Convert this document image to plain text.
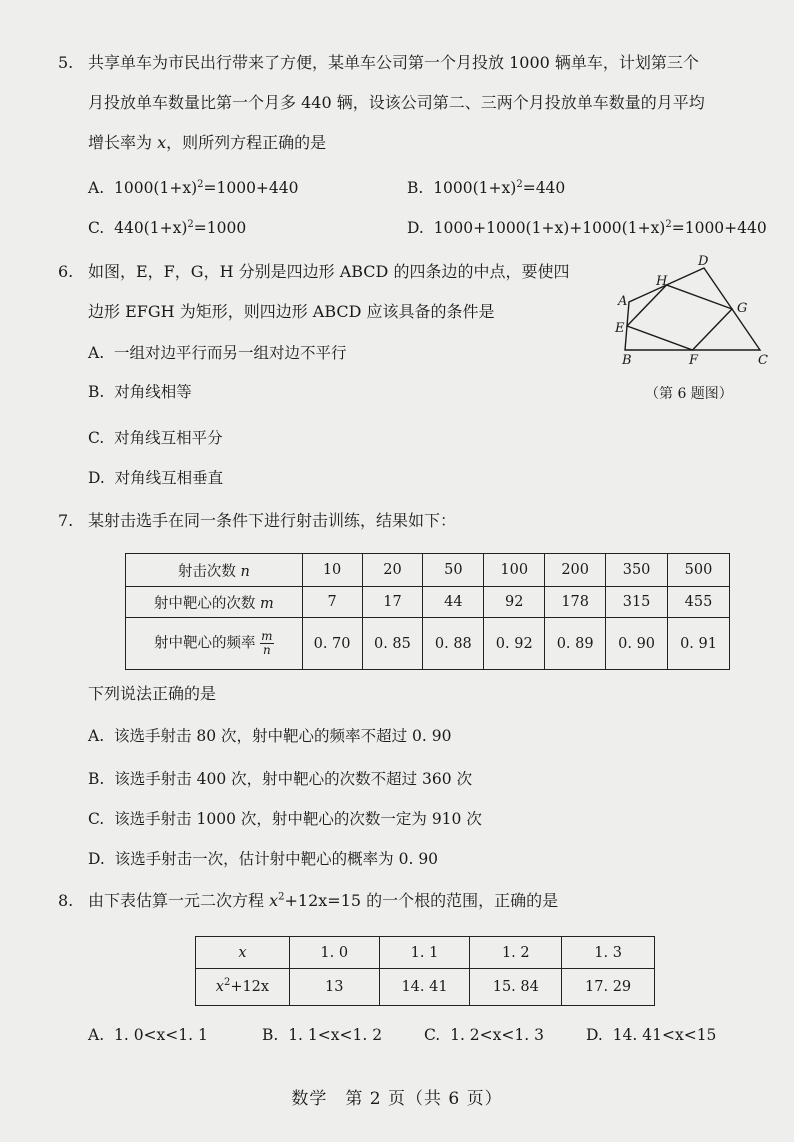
5. 共享单车为市民出行带来了方便，某单车公司第一个月投放 1000 辆单车，计划第三个
月投放单车数量比第一个月多 440 辆，设该公司第二、三两个月投放单车数量的月平均
增长率为 x，则所列方程正确的是
A. $1000(1+x)^2=1000+440$	B. $1000(1+x)^2=440$
C. $440(1+x)^2=1000$	D. $1000+1000(1+x)+1000(1+x)^2=1000+440$
6. 如图，E，F，G，H 分别是四边形 ABCD 的四条边的中点，要使四
边形 EFGH 为矩形，则四边形 ABCD 应该具备的条件是
A. 一组对边平行而另一组对边不平行
B. 对角线相等
C. 对角线互相平分
D. 对角线互相垂直
A
B	C
D
E
F
G
H
（第 6 题图）
7. 某射击选手在同一条件下进行射击训练，结果如下：
射击次数 n	10	20	50	100	200	350	500
射中靶心的次数 m	7	17	44	92	178	315	455
射中靶心的频率 $\frac{m}{n}$	0. 70	0. 85	0. 88	0. 92	0. 89	0. 90	0. 91
下列说法正确的是
A. 该选手射击 80 次，射中靶心的频率不超过 0. 90
B. 该选手射击 400 次，射中靶心的次数不超过 360 次
C. 该选手射击 1000 次，射中靶心的次数一定为 910 次
D. 该选手射击一次，估计射中靶心的概率为 0. 90
8. 由下表估算一元二次方程 $x^2+12x=15$ 的一个根的范围，正确的是
x	1. 0	1. 1	1. 2	1. 3
$x^2+12x$	13	14. 41	15. 84	17. 29
A. 1. 0<x<1. 1	B. 1. 1<x<1. 2	C. 1. 2<x<1. 3	D. 14. 41<x<15
数学　第 2 页（共 6 页）
